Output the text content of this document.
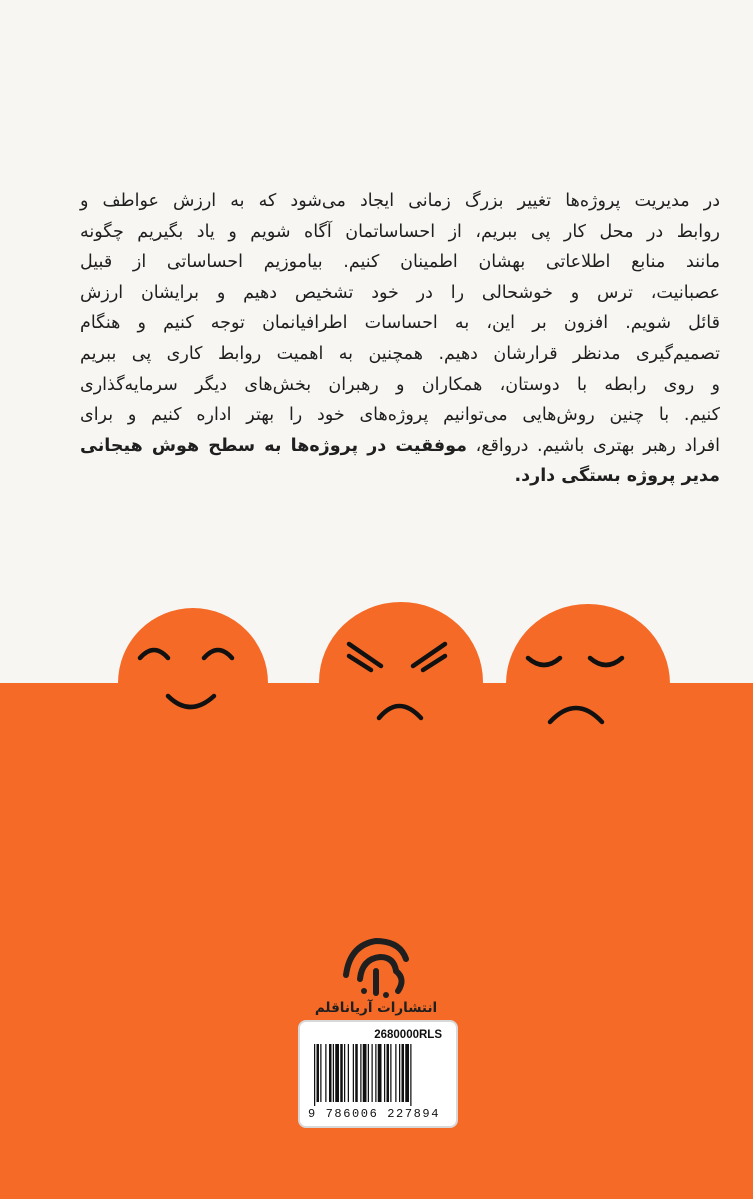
در مدیریت پروژه‌ها تغییر بزرگ زمانی ایجاد می‌شود که به ارزش عواطف و
روابط در محل کار پی ببریم، از احساساتمان آگاه شویم و یاد بگیریم چگونه
مانند منابع اطلاعاتی بهشان اطمینان کنیم. بیاموزیم احساساتی از قبیل
عصبانیت، ترس و خوشحالی را در خود تشخیص دهیم و برایشان ارزش
قائل شویم. افزون بر این، به احساسات اطرافیانمان توجه کنیم و هنگام
تصمیم‌گیری مدنظر قرارشان دهیم. همچنین به اهمیت روابط کاری پی ببریم
و روی رابطه با دوستان، همکاران و رهبران بخش‌های دیگر سرمایه‌گذاری
کنیم. با چنین روش‌هایی می‌توانیم پروژه‌های خود را بهتر اداره کنیم و برای
افراد رهبر بهتری باشیم. درواقع، موفقیت در پروژه‌ها به سطح هوش هیجانی
مدیر پروژه بستگی دارد.
انتشارات آریاناقلم
2680000RLS
9 786006 227894
